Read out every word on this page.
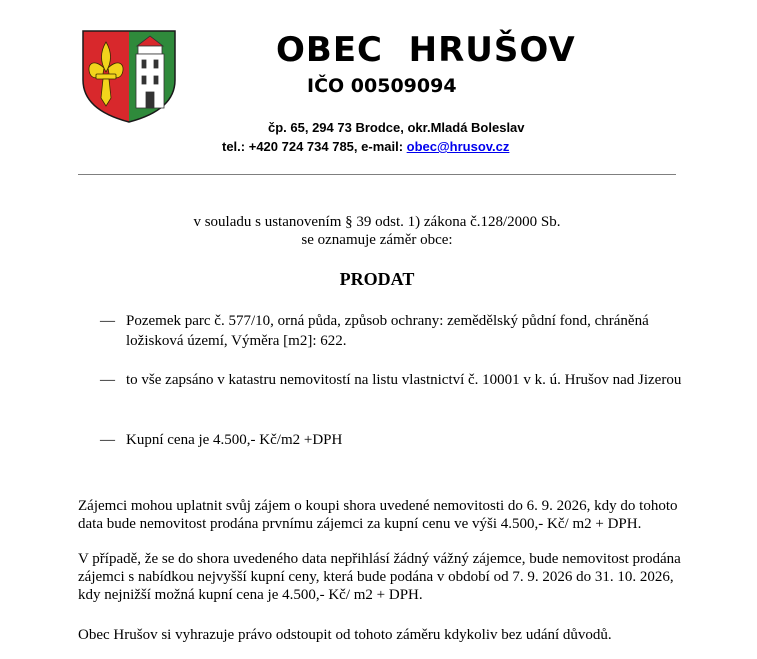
OBEC  HRUŠOV
IČO 00509094
čp. 65, 294 73 Brodce, okr.Mladá Boleslav
tel.: +420 724 734 785, e-mail: obec@hrusov.cz
v souladu s ustanovením § 39 odst. 1) zákona č.128/2000 Sb.
se oznamuje záměr obce:
PRODAT
— Pozemek parc č. 577/10, orná půda, způsob ochrany: zemědělský půdní fond, chráněná ložisková území, Výměra [m2]: 622.
— to vše zapsáno v katastru nemovitostí na listu vlastnictví č. 10001 v k. ú. Hrušov nad Jizerou
— Kupní cena je 4.500,- Kč/m2 +DPH
Zájemci mohou uplatnit svůj zájem o koupi shora uvedené nemovitosti do 6. 9. 2026, kdy do tohoto data bude nemovitost prodána prvnímu zájemci za kupní cenu ve výši 4.500,- Kč/ m2 + DPH.
V případě, že se do shora uvedeného data nepřihlásí žádný vážný zájemce, bude nemovitost prodána zájemci s nabídkou nejvyšší kupní ceny, která bude podána v období od 7. 9. 2026 do 31. 10. 2026, kdy nejnižší možná kupní cena je 4.500,- Kč/ m2 + DPH.
Obec Hrušov si vyhrazuje právo odstoupit od tohoto záměru kdykoliv bez udání důvodů.
